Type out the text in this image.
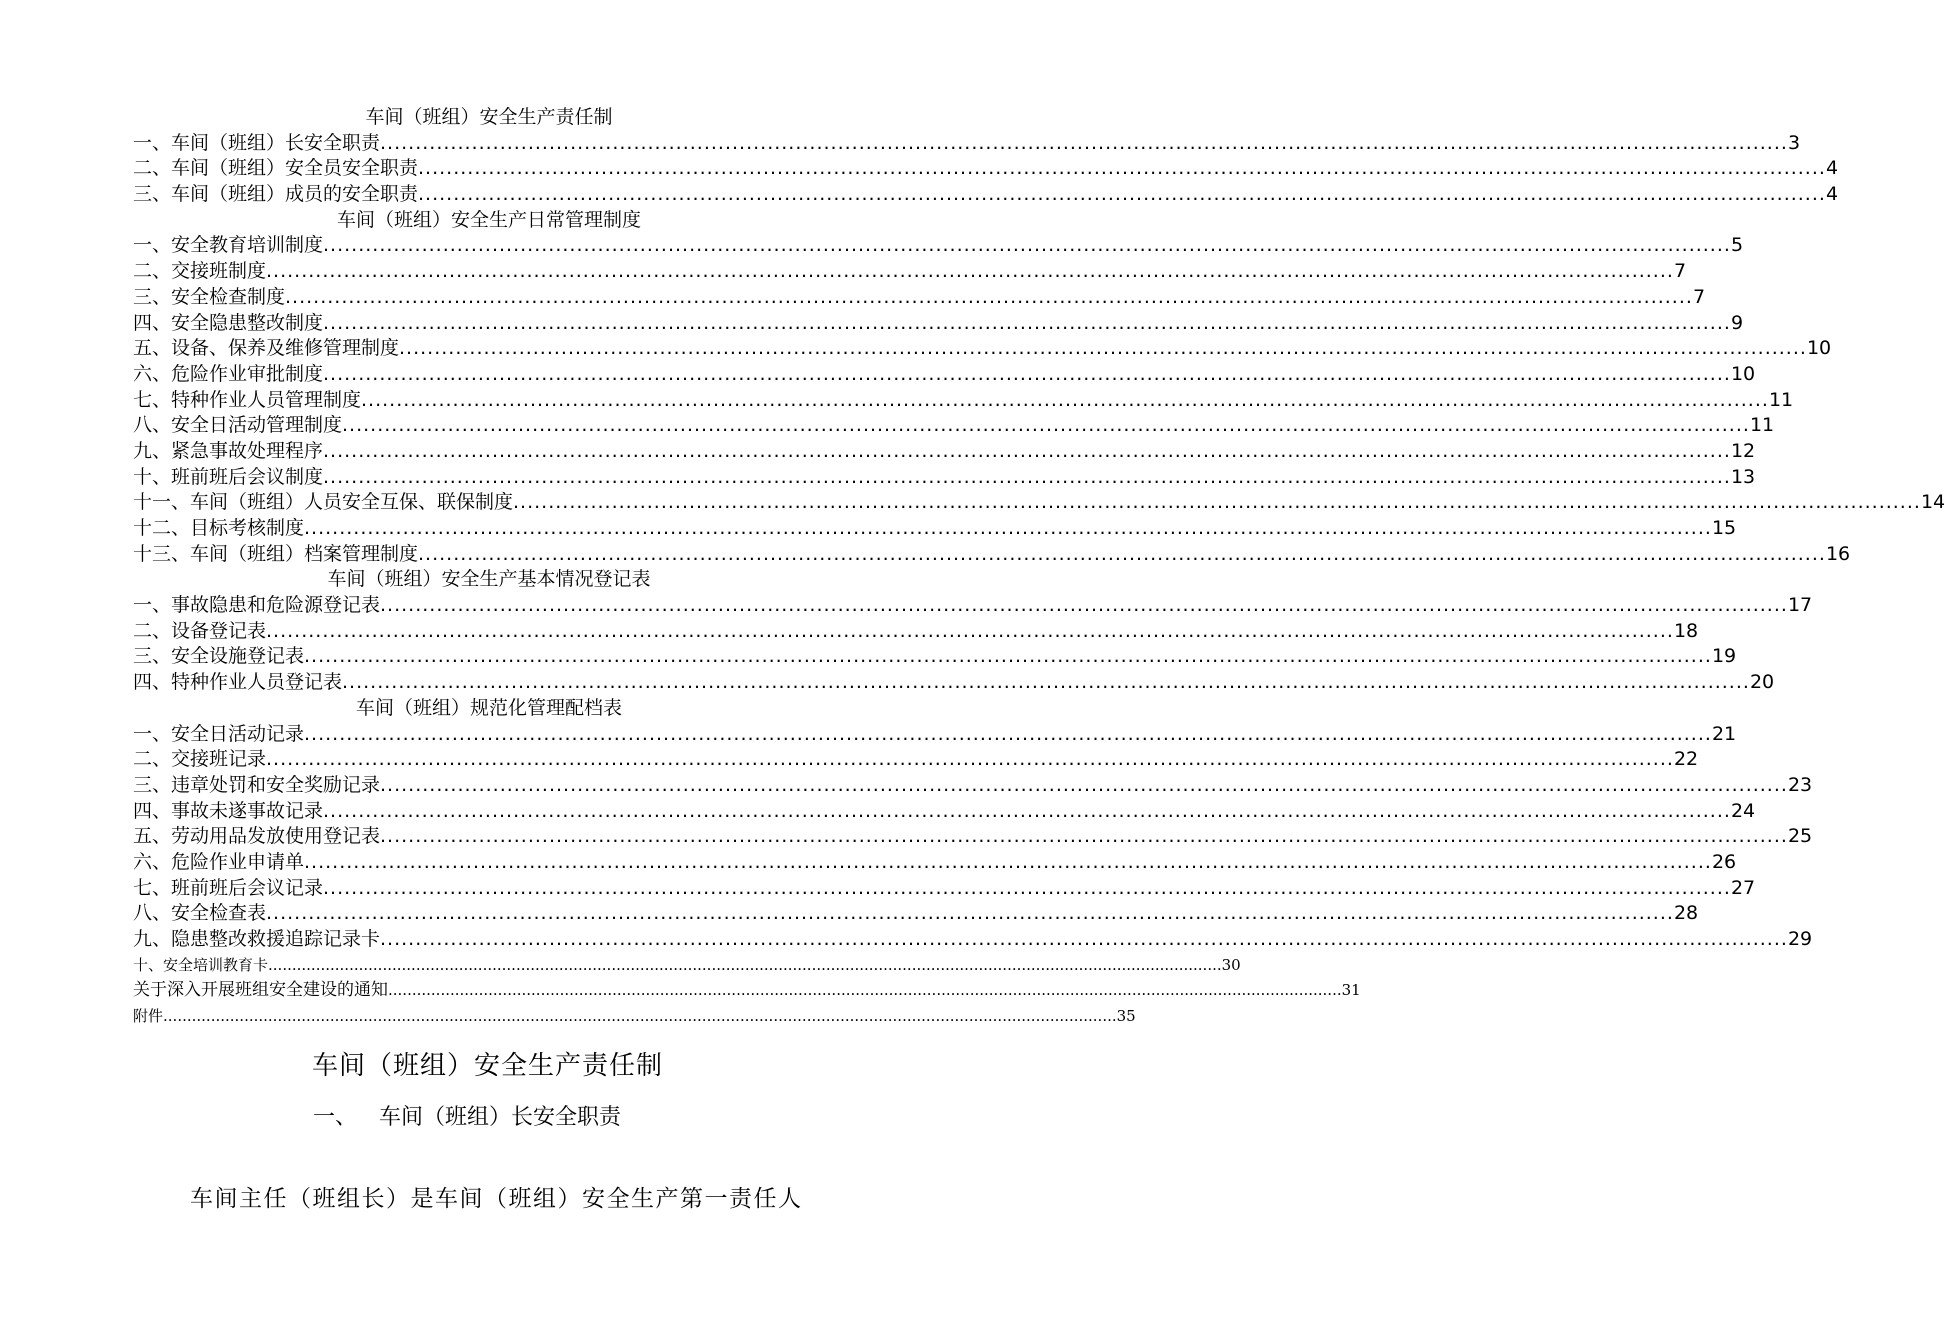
车间（班组）安全生产责任制
一、车间（班组）长安全职责 ........................................................................................................................................................................................................ 3
二、车间（班组）安全员安全职责 ........................................................................................................................................................................................................ 4
三、车间（班组）成员的安全职责 ........................................................................................................................................................................................................ 4
车间（班组）安全生产日常管理制度
一、安全教育培训制度 ........................................................................................................................................................................................................ 5
二、交接班制度 ........................................................................................................................................................................................................ 7
三、安全检查制度 ........................................................................................................................................................................................................ 7
四、安全隐患整改制度 ........................................................................................................................................................................................................ 9
五、设备、保养及维修管理制度 ........................................................................................................................................................................................................ 10
六、危险作业审批制度 ........................................................................................................................................................................................................ 10
七、特种作业人员管理制度 ........................................................................................................................................................................................................ 11
八、安全日活动管理制度 ........................................................................................................................................................................................................ 11
九、紧急事故处理程序 ........................................................................................................................................................................................................ 12
十、班前班后会议制度 ........................................................................................................................................................................................................ 13
十一、车间（班组）人员安全互保、联保制度 ........................................................................................................................................................................................................ 14
十二、目标考核制度 ........................................................................................................................................................................................................ 15
十三、车间（班组）档案管理制度 ........................................................................................................................................................................................................ 16
车间（班组）安全生产基本情况登记表
一、事故隐患和危险源登记表 ........................................................................................................................................................................................................ 17
二、设备登记表 ........................................................................................................................................................................................................ 18
三、安全设施登记表 ........................................................................................................................................................................................................ 19
四、特种作业人员登记表 ........................................................................................................................................................................................................ 20
车间（班组）规范化管理配档表
一、安全日活动记录 ........................................................................................................................................................................................................ 21
二、交接班记录 ........................................................................................................................................................................................................ 22
三、违章处罚和安全奖励记录 ........................................................................................................................................................................................................ 23
四、事故未遂事故记录 ........................................................................................................................................................................................................ 24
五、劳动用品发放使用登记表 ........................................................................................................................................................................................................ 25
六、危险作业申请单 ........................................................................................................................................................................................................ 26
七、班前班后会议记录 ........................................................................................................................................................................................................ 27
八、安全检查表 ........................................................................................................................................................................................................ 28
九、隐患整改救援追踪记录卡 ........................................................................................................................................................................................................ 29
十、安全培训教育卡 ........................................................................................................................................................................................................ 30
关于深入开展班组安全建设的通知 ........................................................................................................................................................................................................ 31
附件 ........................................................................................................................................................................................................ 35
车间（班组）安全生产责任制
一、 车间（班组）长安全职责
车间主任（班组长）是车间（班组）安全生产第一责任人
